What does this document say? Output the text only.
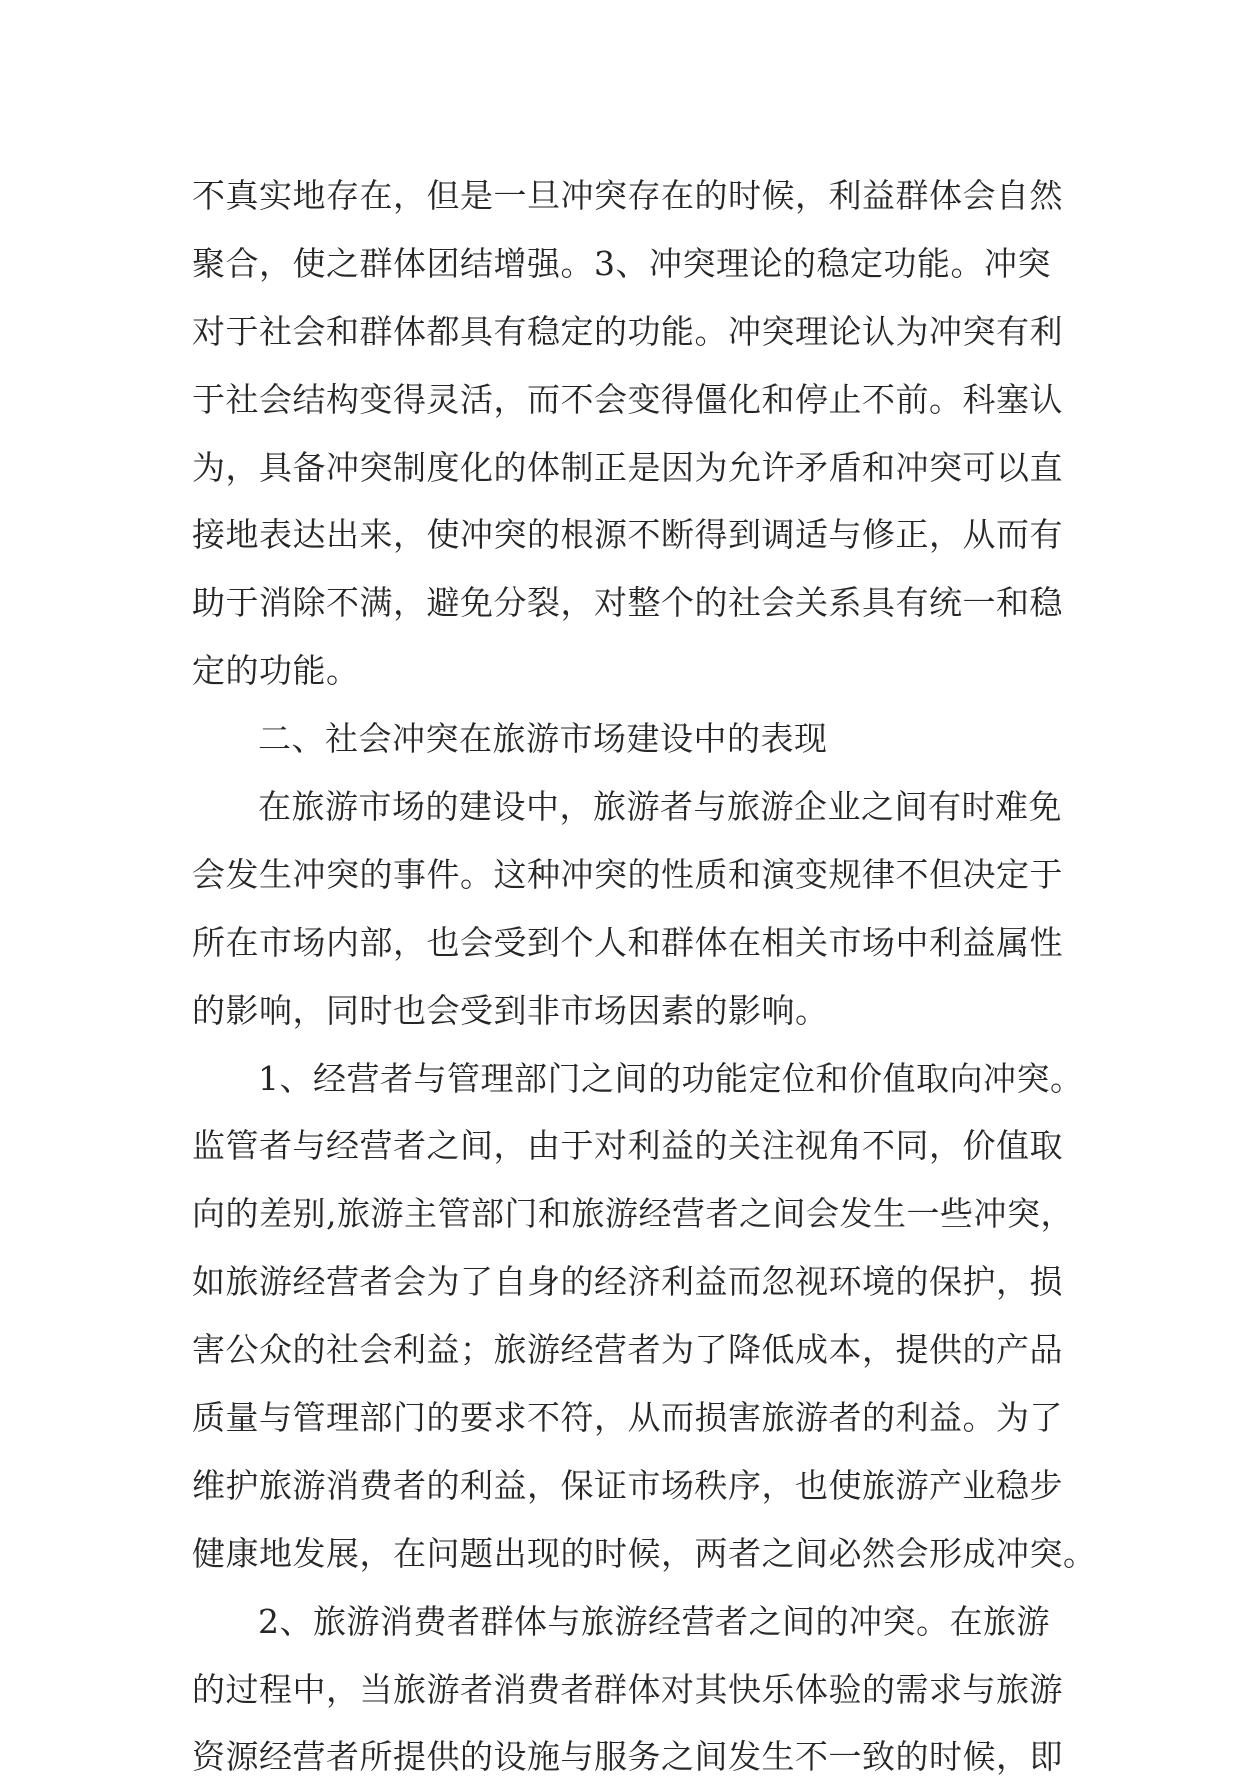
不真实地存在，但是一旦冲突存在的时候，利益群体会自然
聚合，使之群体团结增强。3、冲突理论的稳定功能。冲突
对于社会和群体都具有稳定的功能。冲突理论认为冲突有利
于社会结构变得灵活，而不会变得僵化和停止不前。科塞认
为，具备冲突制度化的体制正是因为允许矛盾和冲突可以直
接地表达出来，使冲突的根源不断得到调适与修正，从而有
助于消除不满，避免分裂，对整个的社会关系具有统一和稳
定的功能。
二、社会冲突在旅游市场建设中的表现
在旅游市场的建设中，旅游者与旅游企业之间有时难免
会发生冲突的事件。这种冲突的性质和演变规律不但决定于
所在市场内部，也会受到个人和群体在相关市场中利益属性
的影响，同时也会受到非市场因素的影响。
1、经营者与管理部门之间的功能定位和价值取向冲突。
监管者与经营者之间，由于对利益的关注视角不同，价值取
向的差别,旅游主管部门和旅游经营者之间会发生一些冲突，
如旅游经营者会为了自身的经济利益而忽视环境的保护，损
害公众的社会利益；旅游经营者为了降低成本，提供的产品
质量与管理部门的要求不符，从而损害旅游者的利益。为了
维护旅游消费者的利益，保证市场秩序，也使旅游产业稳步
健康地发展，在问题出现的时候，两者之间必然会形成冲突。
2、旅游消费者群体与旅游经营者之间的冲突。在旅游
的过程中，当旅游者消费者群体对其快乐体验的需求与旅游
资源经营者所提供的设施与服务之间发生不一致的时候，即
